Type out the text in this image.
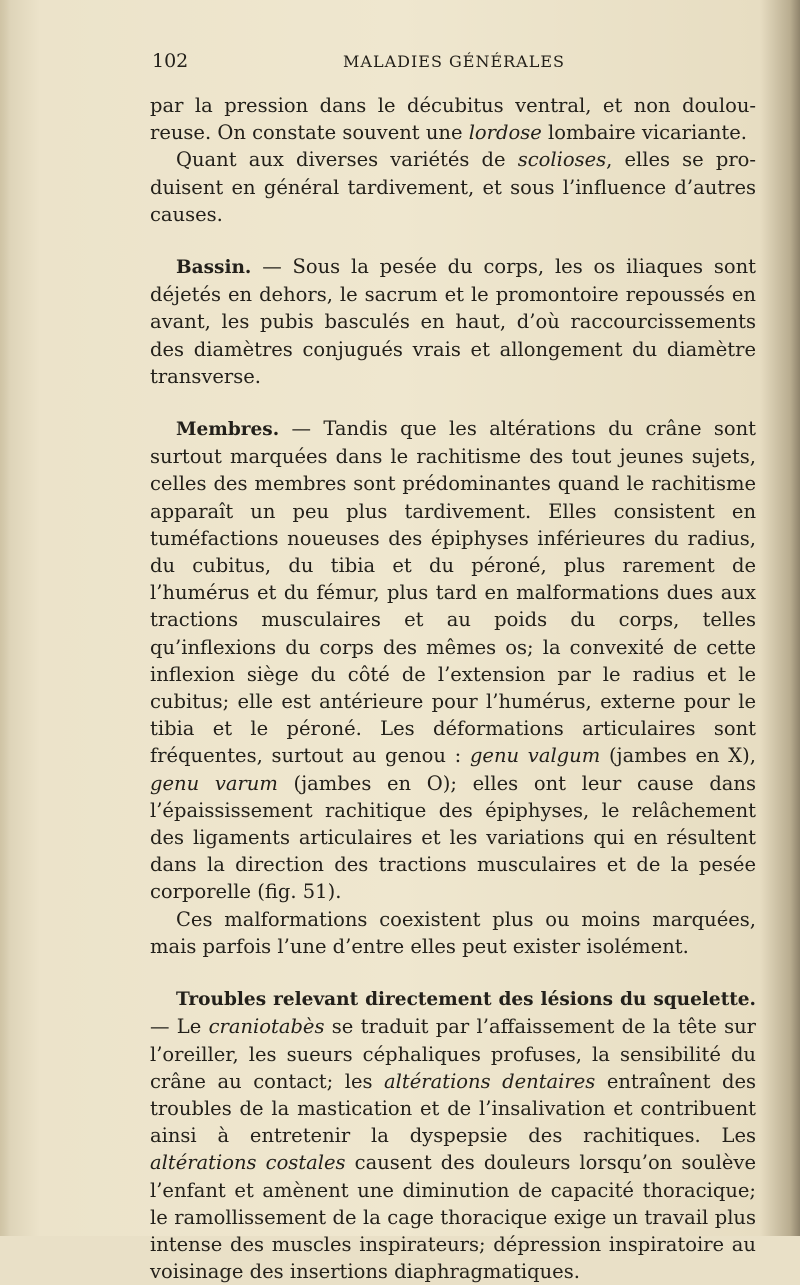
102	MALADIES GÉNÉRALES

par la pression dans le décubitus ventral, et non douloureuse. On constate souvent une lordose lombaire vicariante.

Quant aux diverses variétés de scolioses, elles se produisent en général tardivement, et sous l’influence d’autres causes.

Bassin. — Sous la pesée du corps, les os iliaques sont déjetés en dehors, le sacrum et le promontoire repoussés en avant, les pubis basculés en haut, d’où raccourcissements des diamètres conjugués vrais et allongement du diamètre transverse.

Membres. — Tandis que les altérations du crâne sont surtout marquées dans le rachitisme des tout jeunes sujets, celles des membres sont prédominantes quand le rachitisme apparaît un peu plus tardivement. Elles consistent en tuméfactions noueuses des épiphyses inférieures du radius, du cubitus, du tibia et du péroné, plus rarement de l’humérus et du fémur, plus tard en malformations dues aux tractions musculaires et au poids du corps, telles qu’inflexions du corps des mêmes os; la convexité de cette inflexion siège du côté de l’extension par le radius et le cubitus; elle est antérieure pour l’humérus, externe pour le tibia et le péroné. Les déformations articulaires sont fréquentes, surtout au genou : genu valgum (jambes en X), genu varum (jambes en O); elles ont leur cause dans l’épaississement rachitique des épiphyses, le relâchement des ligaments articulaires et les variations qui en résultent dans la direction des tractions musculaires et de la pesée corporelle (fig. 51).

Ces malformations coexistent plus ou moins marquées, mais parfois l’une d’entre elles peut exister isolément.

Troubles relevant directement des lésions du squelette. — Le craniotabès se traduit par l’affaissement de la tête sur l’oreiller, les sueurs céphaliques profuses, la sensibilité du crâne au contact; les altérations dentaires entraînent des troubles de la mastication et de l’insalivation et contribuent ainsi à entretenir la dyspepsie des rachitiques. Les altérations costales causent des douleurs lorsqu’on soulève l’enfant et amènent une diminution de capacité thoracique; le ramollissement de la cage thoracique exige un travail plus intense des muscles inspirateurs; dépression inspiratoire au voisinage des insertions diaphragmatiques.
